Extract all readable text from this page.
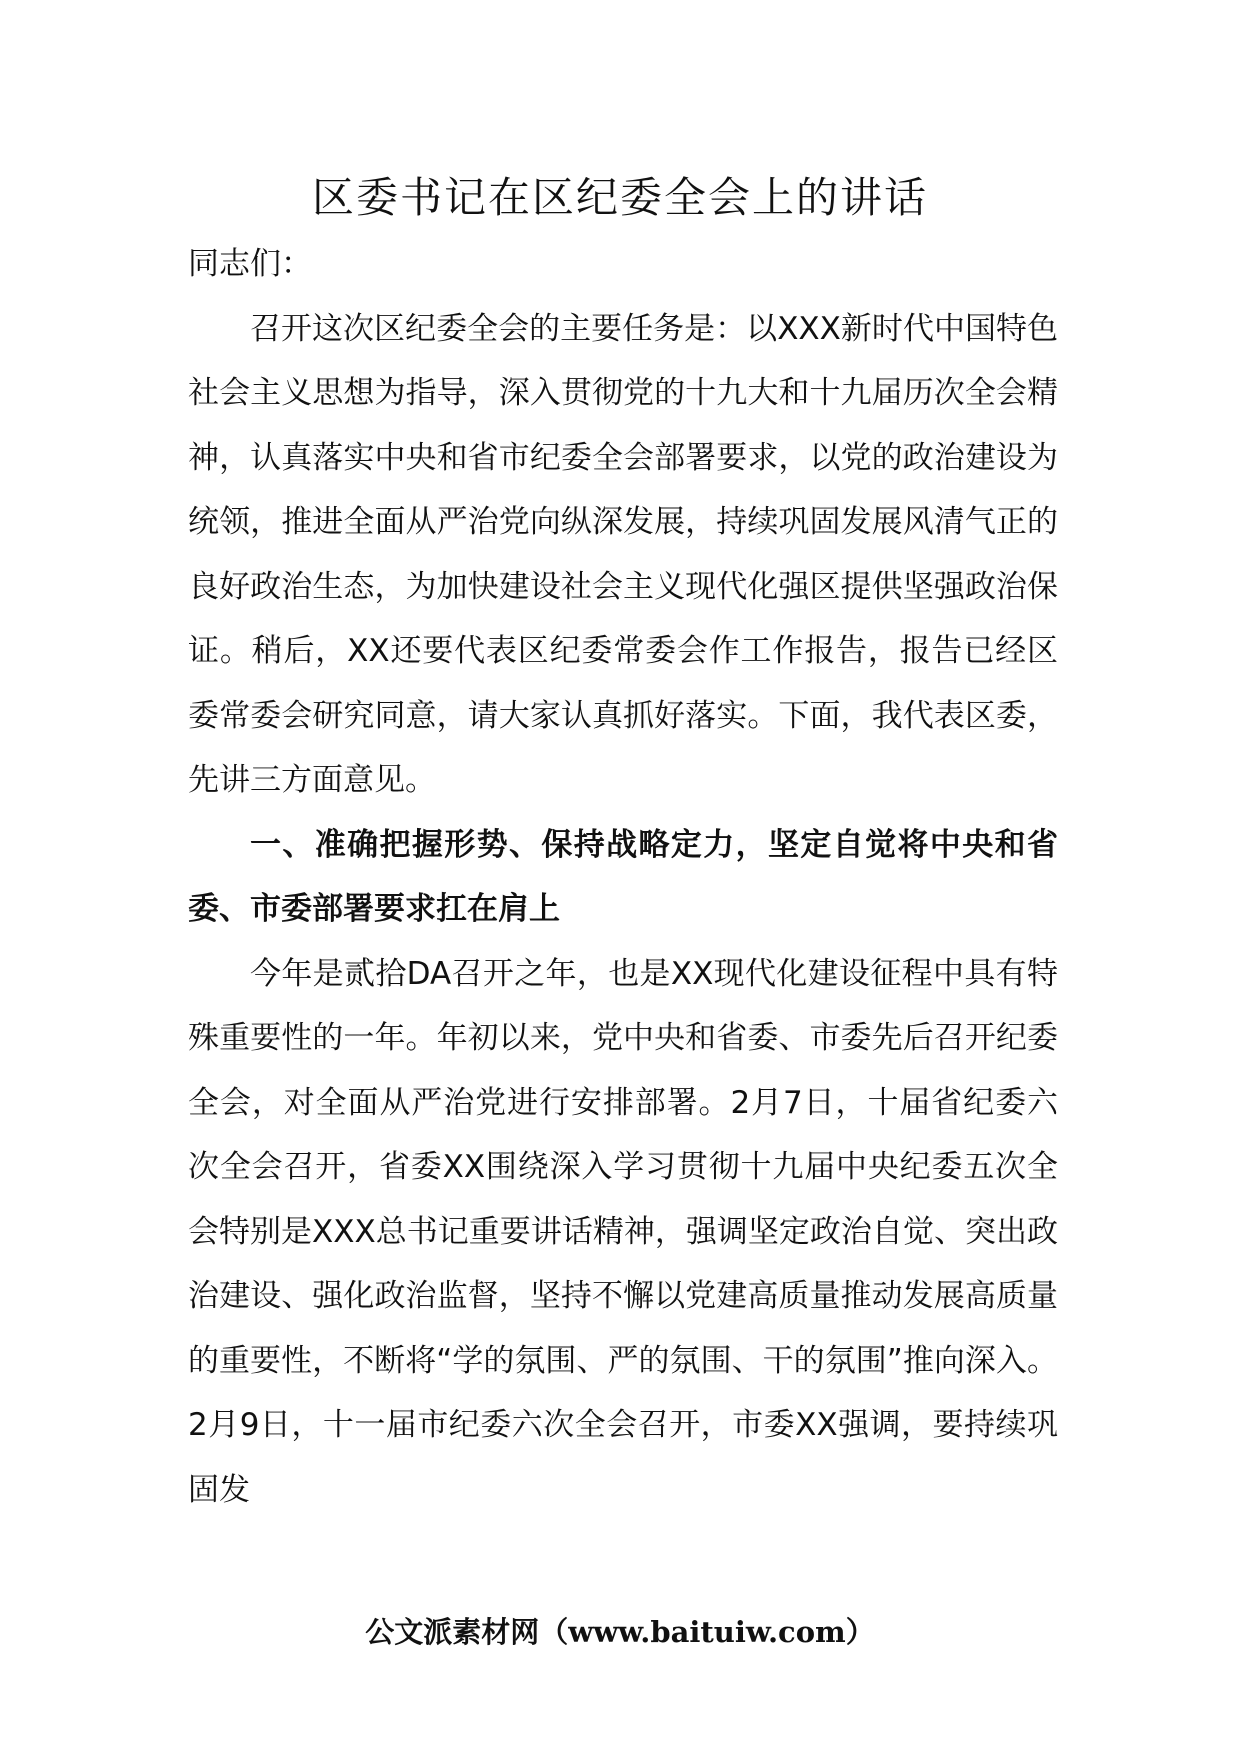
区委书记在区纪委全会上的讲话

同志们：

召开这次区纪委全会的主要任务是：以XXX新时代中国特色社会主义思想为指导，深入贯彻党的十九大和十九届历次全会精神，认真落实中央和省市纪委全会部署要求，以党的政治建设为统领，推进全面从严治党向纵深发展，持续巩固发展风清气正的良好政治生态，为加快建设社会主义现代化强区提供坚强政治保证。稍后，XX还要代表区纪委常委会作工作报告，报告已经区委常委会研究同意，请大家认真抓好落实。下面，我代表区委，先讲三方面意见。

一、准确把握形势、保持战略定力，坚定自觉将中央和省委、市委部署要求扛在肩上

今年是贰拾DA召开之年，也是XX现代化建设征程中具有特殊重要性的一年。年初以来，党中央和省委、市委先后召开纪委全会，对全面从严治党进行安排部署。2月7日，十届省纪委六次全会召开，省委XX围绕深入学习贯彻十九届中央纪委五次全会特别是XXX总书记重要讲话精神，强调坚定政治自觉、突出政治建设、强化政治监督，坚持不懈以党建高质量推动发展高质量的重要性，不断将“学的氛围、严的氛围、干的氛围”推向深入。2月9日，十一届市纪委六次全会召开，市委XX强调，要持续巩固发

公文派素材网（www.baituiw.com）
